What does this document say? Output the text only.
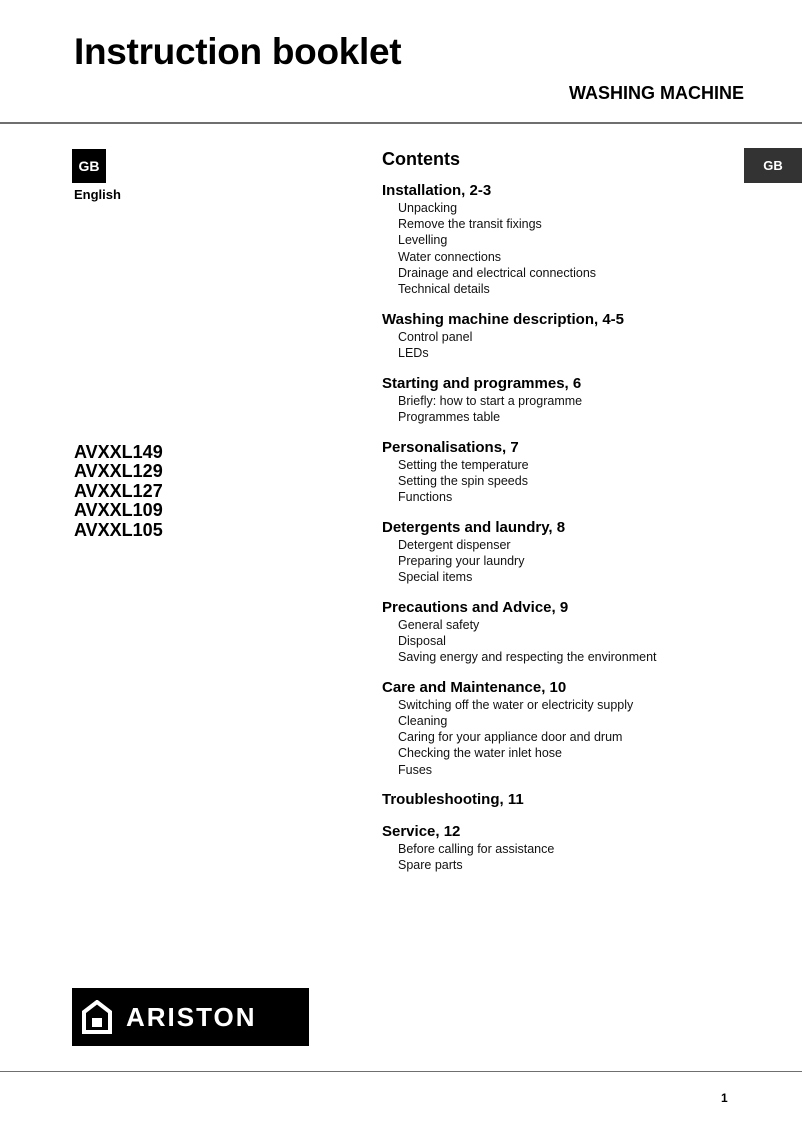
Instruction booklet
WASHING MACHINE
GB
English
GB
AVXXL149
AVXXL129
AVXXL127
AVXXL109
AVXXL105
Contents
Installation, 2-3
Unpacking
Remove the transit fixings
Levelling
Water connections
Drainage and electrical connections
Technical details
Washing machine description, 4-5
Control panel
LEDs
Starting and programmes, 6
Briefly: how to start a programme
Programmes table
Personalisations, 7
Setting the temperature
Setting the spin speeds
Functions
Detergents and laundry, 8
Detergent dispenser
Preparing your laundry
Special items
Precautions and Advice, 9
General safety
Disposal
Saving energy and respecting the environment
Care and Maintenance, 10
Switching off the water or electricity supply
Cleaning
Caring for your appliance door and drum
Checking the water inlet hose
Fuses
Troubleshooting, 11
Service, 12
Before calling for assistance
Spare parts
ARISTON
1
